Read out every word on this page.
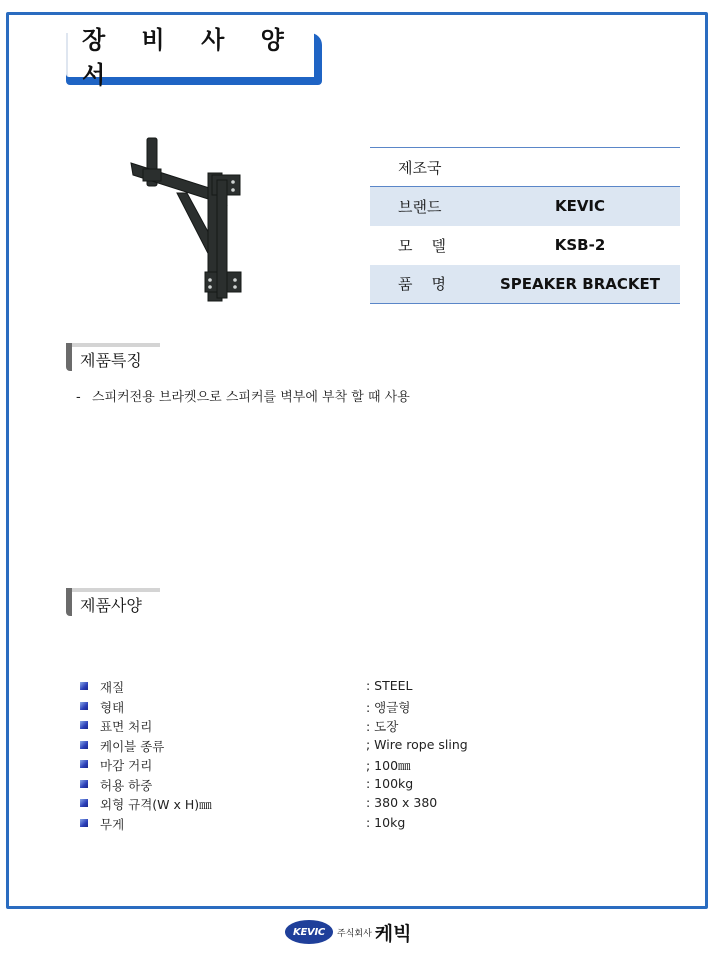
장 비 사 양 서
제조국	
브랜드	KEVIC
모    델	KSB-2
품    명	SPEAKER BRACKET
제품특징
- 스피커전용 브라켓으로 스피커를 벽부에 부착 할 때 사용
제품사양
재질	: STEEL
형태	: 앵글형
표면 처리	: 도장
케이블 종류	; Wire rope sling
마감 거리	; 100㎜
허용 하중	: 100kg
외형 규격(W x H)㎜	: 380 x 380
무게	: 10kg
KEVIC	주식회사 케빅
